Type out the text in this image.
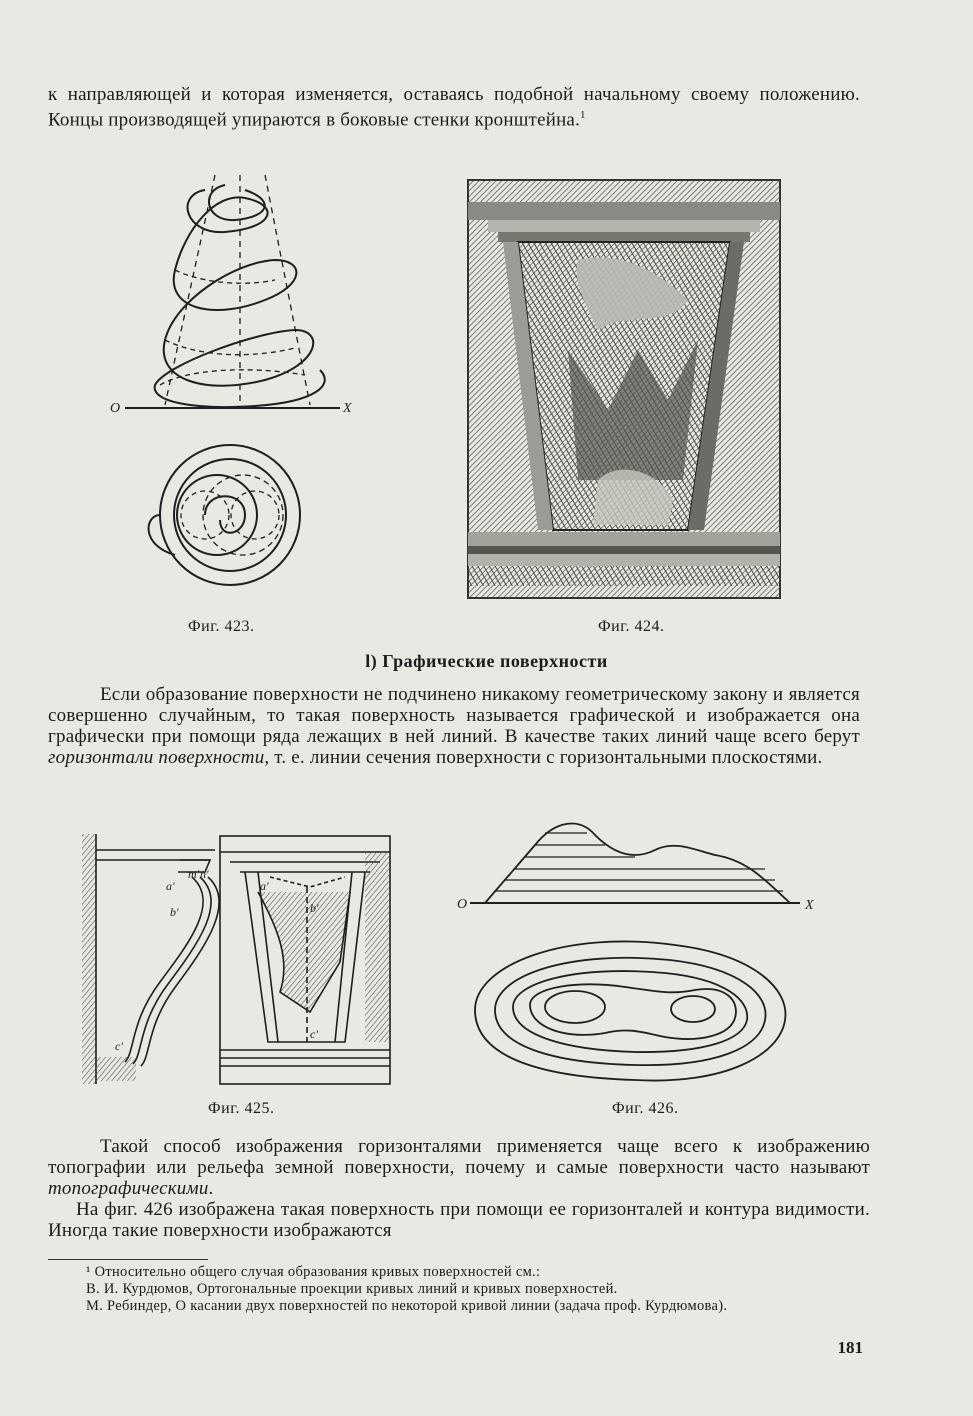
к направляющей и которая изменяется, оставаясь подобной начальному своему положению. Концы производящей упираются в боковые стенки кронштейна.$^1$

O	X
Фиг. 423.	Фиг. 424.
l) Графические поверхности

Если образование поверхности не подчинено никакому геометрическому закону и является совершенно случайным, то такая поверхность называется графической и изображается она графически при помощи ряда лежащих в ней линий. В качестве таких линий чаще всего берут горизонтали поверхности, т. е. линии сечения поверхности с горизонтальными плоскостями.

m' n'
a'
b'	b'
c'
c'
a'
Фиг. 425.
O	X
Фиг. 426.

Такой способ изображения горизонталями применяется чаще всего к изображению топографии или рельефа земной поверхности, почему и самые поверхности часто называют топографическими.

На фиг. 426 изображена такая поверхность при помощи ее горизонталей и контура видимости. Иногда такие поверхности изображаются

¹ Относительно общего случая образования кривых поверхностей см.:

В. И. Курдюмов, Ортогональные проекции кривых линий и кривых поверхностей.

М. Ребиндер, О касании двух поверхностей по некоторой кривой линии (задача проф. Курдюмова).

181
